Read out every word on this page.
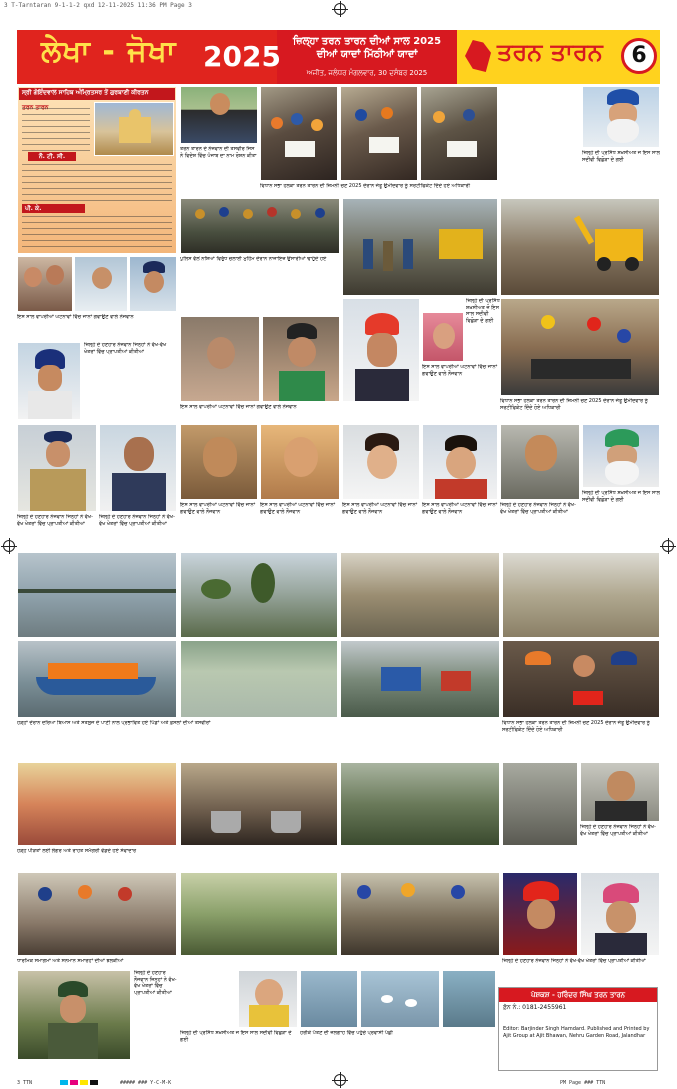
3 T-Tarntaran 9-1-1-2 qxd 12-11-2025 11:36 PM Page 3
ਲੇਖਾ - ਜੋਖਾ 2025	ਜ਼ਿਲ੍ਹਾ ਤਰਨ ਤਾਰਨ ਦੀਆਂ ਸਾਲ 2025
ਦੀਆਂ ਯਾਦਾਂ ਮਿੱਠੀਆਂ ਯਾਦਾਂ
ਅਜੀਤ, ਜਲੰਧਰ ਮੰਗਲਵਾਰ, 30 ਦਸੰਬਰ 2025
ਤਰਨ ਤਾਰਨ	6
ਸ੍ਰੀ ਗੋਇੰਦਵਾਲ ਸਾਹਿਬ ਅੰਮ੍ਰਿਤਸਰ ਤੋਂ ਗੁਰਬਾਣੀ ਕੀਰਤਨ
ਤਰਨ ਤਾਰਨ
ਨੌ. ਟੀ. ਸੀ.
ਪੀ. ਕੇ.
ਤਰਨ ਤਾਰਨ ਦੇ ਨੌਜਵਾਨ ਦੀ ਤਸਵੀਰ ਜਿਸ ਨੇ ਵਿਦੇਸ਼ ਵਿੱਚ ਪੰਜਾਬ ਦਾ ਨਾਮ ਰੋਸ਼ਨ ਕੀਤਾ
ਵਿਧਾਨ ਸਭਾ ਹਲਕਾ ਤਰਨ ਤਾਰਨ ਦੀ ਜ਼ਿਮਨੀ ਚੋਣ 2025 ਦੌਰਾਨ ਜੇਤੂ ਉਮੀਦਵਾਰ ਨੂੰ ਸਰਟੀਫਿਕੇਟ ਦਿੰਦੇ ਹੋਏ ਅਧਿਕਾਰੀ
ਜ਼ਿਲ੍ਹੇ ਦੀ ਪ੍ਰਸਿੱਧ ਸ਼ਖ਼ਸੀਅਤ ਜੋ ਇਸ ਸਾਲ ਸਦੀਵੀ ਵਿਛੋੜਾ ਦੇ ਗਈ
ਪੁਲਿਸ ਵੱਲੋਂ ਨਸ਼ਿਆਂ ਵਿਰੁੱਧ ਚਲਾਈ ਮੁਹਿੰਮ ਦੌਰਾਨ ਨਾਜਾਇਜ਼ ਉਸਾਰੀਆਂ ਢਾਹੁੰਦੇ ਹੋਏ
ਇਸ ਸਾਲ ਵਾਪਰੀਆਂ ਘਟਨਾਵਾਂ ਵਿੱਚ ਜਾਨਾਂ ਗਵਾਉਣ ਵਾਲੇ ਨੌਜਵਾਨ
ਜ਼ਿਲ੍ਹੇ ਦੇ ਹੋਣਹਾਰ ਨੌਜਵਾਨ ਜਿਨ੍ਹਾਂ ਨੇ ਵੱਖ-ਵੱਖ ਖੇਤਰਾਂ ਵਿੱਚ ਪ੍ਰਾਪਤੀਆਂ ਕੀਤੀਆਂ
ਜ਼ਿਲ੍ਹੇ ਦੀ ਪ੍ਰਸਿੱਧ ਸ਼ਖ਼ਸੀਅਤ ਜੋ ਇਸ ਸਾਲ ਸਦੀਵੀ ਵਿਛੋੜਾ ਦੇ ਗਈ
ਇਸ ਸਾਲ ਵਾਪਰੀਆਂ ਘਟਨਾਵਾਂ ਵਿੱਚ ਜਾਨਾਂ ਗਵਾਉਣ ਵਾਲੇ ਨੌਜਵਾਨ
ਵਿਧਾਨ ਸਭਾ ਹਲਕਾ ਤਰਨ ਤਾਰਨ ਦੀ ਜ਼ਿਮਨੀ ਚੋਣ 2025 ਦੌਰਾਨ ਜੇਤੂ ਉਮੀਦਵਾਰ ਨੂੰ ਸਰਟੀਫਿਕੇਟ ਦਿੰਦੇ ਹੋਏ ਅਧਿਕਾਰੀ
ਇਸ ਸਾਲ ਵਾਪਰੀਆਂ ਘਟਨਾਵਾਂ ਵਿੱਚ ਜਾਨਾਂ ਗਵਾਉਣ ਵਾਲੇ ਨੌਜਵਾਨ
ਜ਼ਿਲ੍ਹੇ ਦੇ ਹੋਣਹਾਰ ਨੌਜਵਾਨ ਜਿਨ੍ਹਾਂ ਨੇ ਵੱਖ-ਵੱਖ ਖੇਤਰਾਂ ਵਿੱਚ ਪ੍ਰਾਪਤੀਆਂ ਕੀਤੀਆਂ
ਜ਼ਿਲ੍ਹੇ ਦੇ ਹੋਣਹਾਰ ਨੌਜਵਾਨ ਜਿਨ੍ਹਾਂ ਨੇ ਵੱਖ-ਵੱਖ ਖੇਤਰਾਂ ਵਿੱਚ ਪ੍ਰਾਪਤੀਆਂ ਕੀਤੀਆਂ
ਇਸ ਸਾਲ ਵਾਪਰੀਆਂ ਘਟਨਾਵਾਂ ਵਿੱਚ ਜਾਨਾਂ ਗਵਾਉਣ ਵਾਲੇ ਨੌਜਵਾਨ
ਇਸ ਸਾਲ ਵਾਪਰੀਆਂ ਘਟਨਾਵਾਂ ਵਿੱਚ ਜਾਨਾਂ ਗਵਾਉਣ ਵਾਲੇ ਨੌਜਵਾਨ
ਇਸ ਸਾਲ ਵਾਪਰੀਆਂ ਘਟਨਾਵਾਂ ਵਿੱਚ ਜਾਨਾਂ ਗਵਾਉਣ ਵਾਲੇ ਨੌਜਵਾਨ
ਇਸ ਸਾਲ ਵਾਪਰੀਆਂ ਘਟਨਾਵਾਂ ਵਿੱਚ ਜਾਨਾਂ ਗਵਾਉਣ ਵਾਲੇ ਨੌਜਵਾਨ
ਜ਼ਿਲ੍ਹੇ ਦੇ ਹੋਣਹਾਰ ਨੌਜਵਾਨ ਜਿਨ੍ਹਾਂ ਨੇ ਵੱਖ-ਵੱਖ ਖੇਤਰਾਂ ਵਿੱਚ ਪ੍ਰਾਪਤੀਆਂ ਕੀਤੀਆਂ
ਜ਼ਿਲ੍ਹੇ ਦੀ ਪ੍ਰਸਿੱਧ ਸ਼ਖ਼ਸੀਅਤ ਜੋ ਇਸ ਸਾਲ ਸਦੀਵੀ ਵਿਛੋੜਾ ਦੇ ਗਈ
ਹੜ੍ਹਾਂ ਦੌਰਾਨ ਦਰਿਆ ਬਿਆਸ ਅਤੇ ਸਤਲੁਜ ਦੇ ਪਾਣੀ ਨਾਲ ਪ੍ਰਭਾਵਿਤ ਹੋਏ ਪਿੰਡਾਂ ਅਤੇ ਫ਼ਸਲਾਂ ਦੀਆਂ ਤਸਵੀਰਾਂ	ਵਿਧਾਨ ਸਭਾ ਹਲਕਾ ਤਰਨ ਤਾਰਨ ਦੀ ਜ਼ਿਮਨੀ ਚੋਣ 2025 ਦੌਰਾਨ ਜੇਤੂ ਉਮੀਦਵਾਰ ਨੂੰ ਸਰਟੀਫਿਕੇਟ ਦਿੰਦੇ ਹੋਏ ਅਧਿਕਾਰੀ
ਜ਼ਿਲ੍ਹੇ ਦੇ ਹੋਣਹਾਰ ਨੌਜਵਾਨ ਜਿਨ੍ਹਾਂ ਨੇ ਵੱਖ-ਵੱਖ ਖੇਤਰਾਂ ਵਿੱਚ ਪ੍ਰਾਪਤੀਆਂ ਕੀਤੀਆਂ
ਹੜ੍ਹ ਪੀੜਤਾਂ ਲਈ ਲੰਗਰ ਅਤੇ ਰਾਹਤ ਸਮੱਗਰੀ ਵੰਡਦੇ ਹੋਏ ਸੇਵਾਦਾਰ
ਧਾਰਮਿਕ ਸਮਾਗਮਾਂ ਅਤੇ ਸਨਮਾਨ ਸਮਾਰੋਹਾਂ ਦੀਆਂ ਝਲਕੀਆਂ	ਜ਼ਿਲ੍ਹੇ ਦੇ ਹੋਣਹਾਰ ਨੌਜਵਾਨ ਜਿਨ੍ਹਾਂ ਨੇ ਵੱਖ-ਵੱਖ ਖੇਤਰਾਂ ਵਿੱਚ ਪ੍ਰਾਪਤੀਆਂ ਕੀਤੀਆਂ
ਜ਼ਿਲ੍ਹੇ ਦੇ ਹੋਣਹਾਰ ਨੌਜਵਾਨ ਜਿਨ੍ਹਾਂ ਨੇ ਵੱਖ-ਵੱਖ ਖੇਤਰਾਂ ਵਿੱਚ ਪ੍ਰਾਪਤੀਆਂ ਕੀਤੀਆਂ
ਜ਼ਿਲ੍ਹੇ ਦੀ ਪ੍ਰਸਿੱਧ ਸ਼ਖ਼ਸੀਅਤ ਜੋ ਇਸ ਸਾਲ ਸਦੀਵੀ ਵਿਛੋੜਾ ਦੇ ਗਈ
ਹਰੀਕੇ ਪੱਤਣ ਦੀ ਜਲਗਾਹ ਵਿੱਚ ਪਹੁੰਚੇ ਪ੍ਰਵਾਸੀ ਪੰਛੀ
ਪੇਸ਼ਕਸ਼ - ਹਰਿੰਦਰ ਸਿੰਘ ਤਰਨ ਤਾਰਨ
ਫ਼ੋਨ ਨੰ.: 0181-2455961
Editor: Barjinder Singh Hamdard. Published and Printed by Ajit Group at Ajit Bhawan, Nehru Garden Road, Jalandhar
3 TTN	##### ### Y-C-M-K	PM Page ### TTN
